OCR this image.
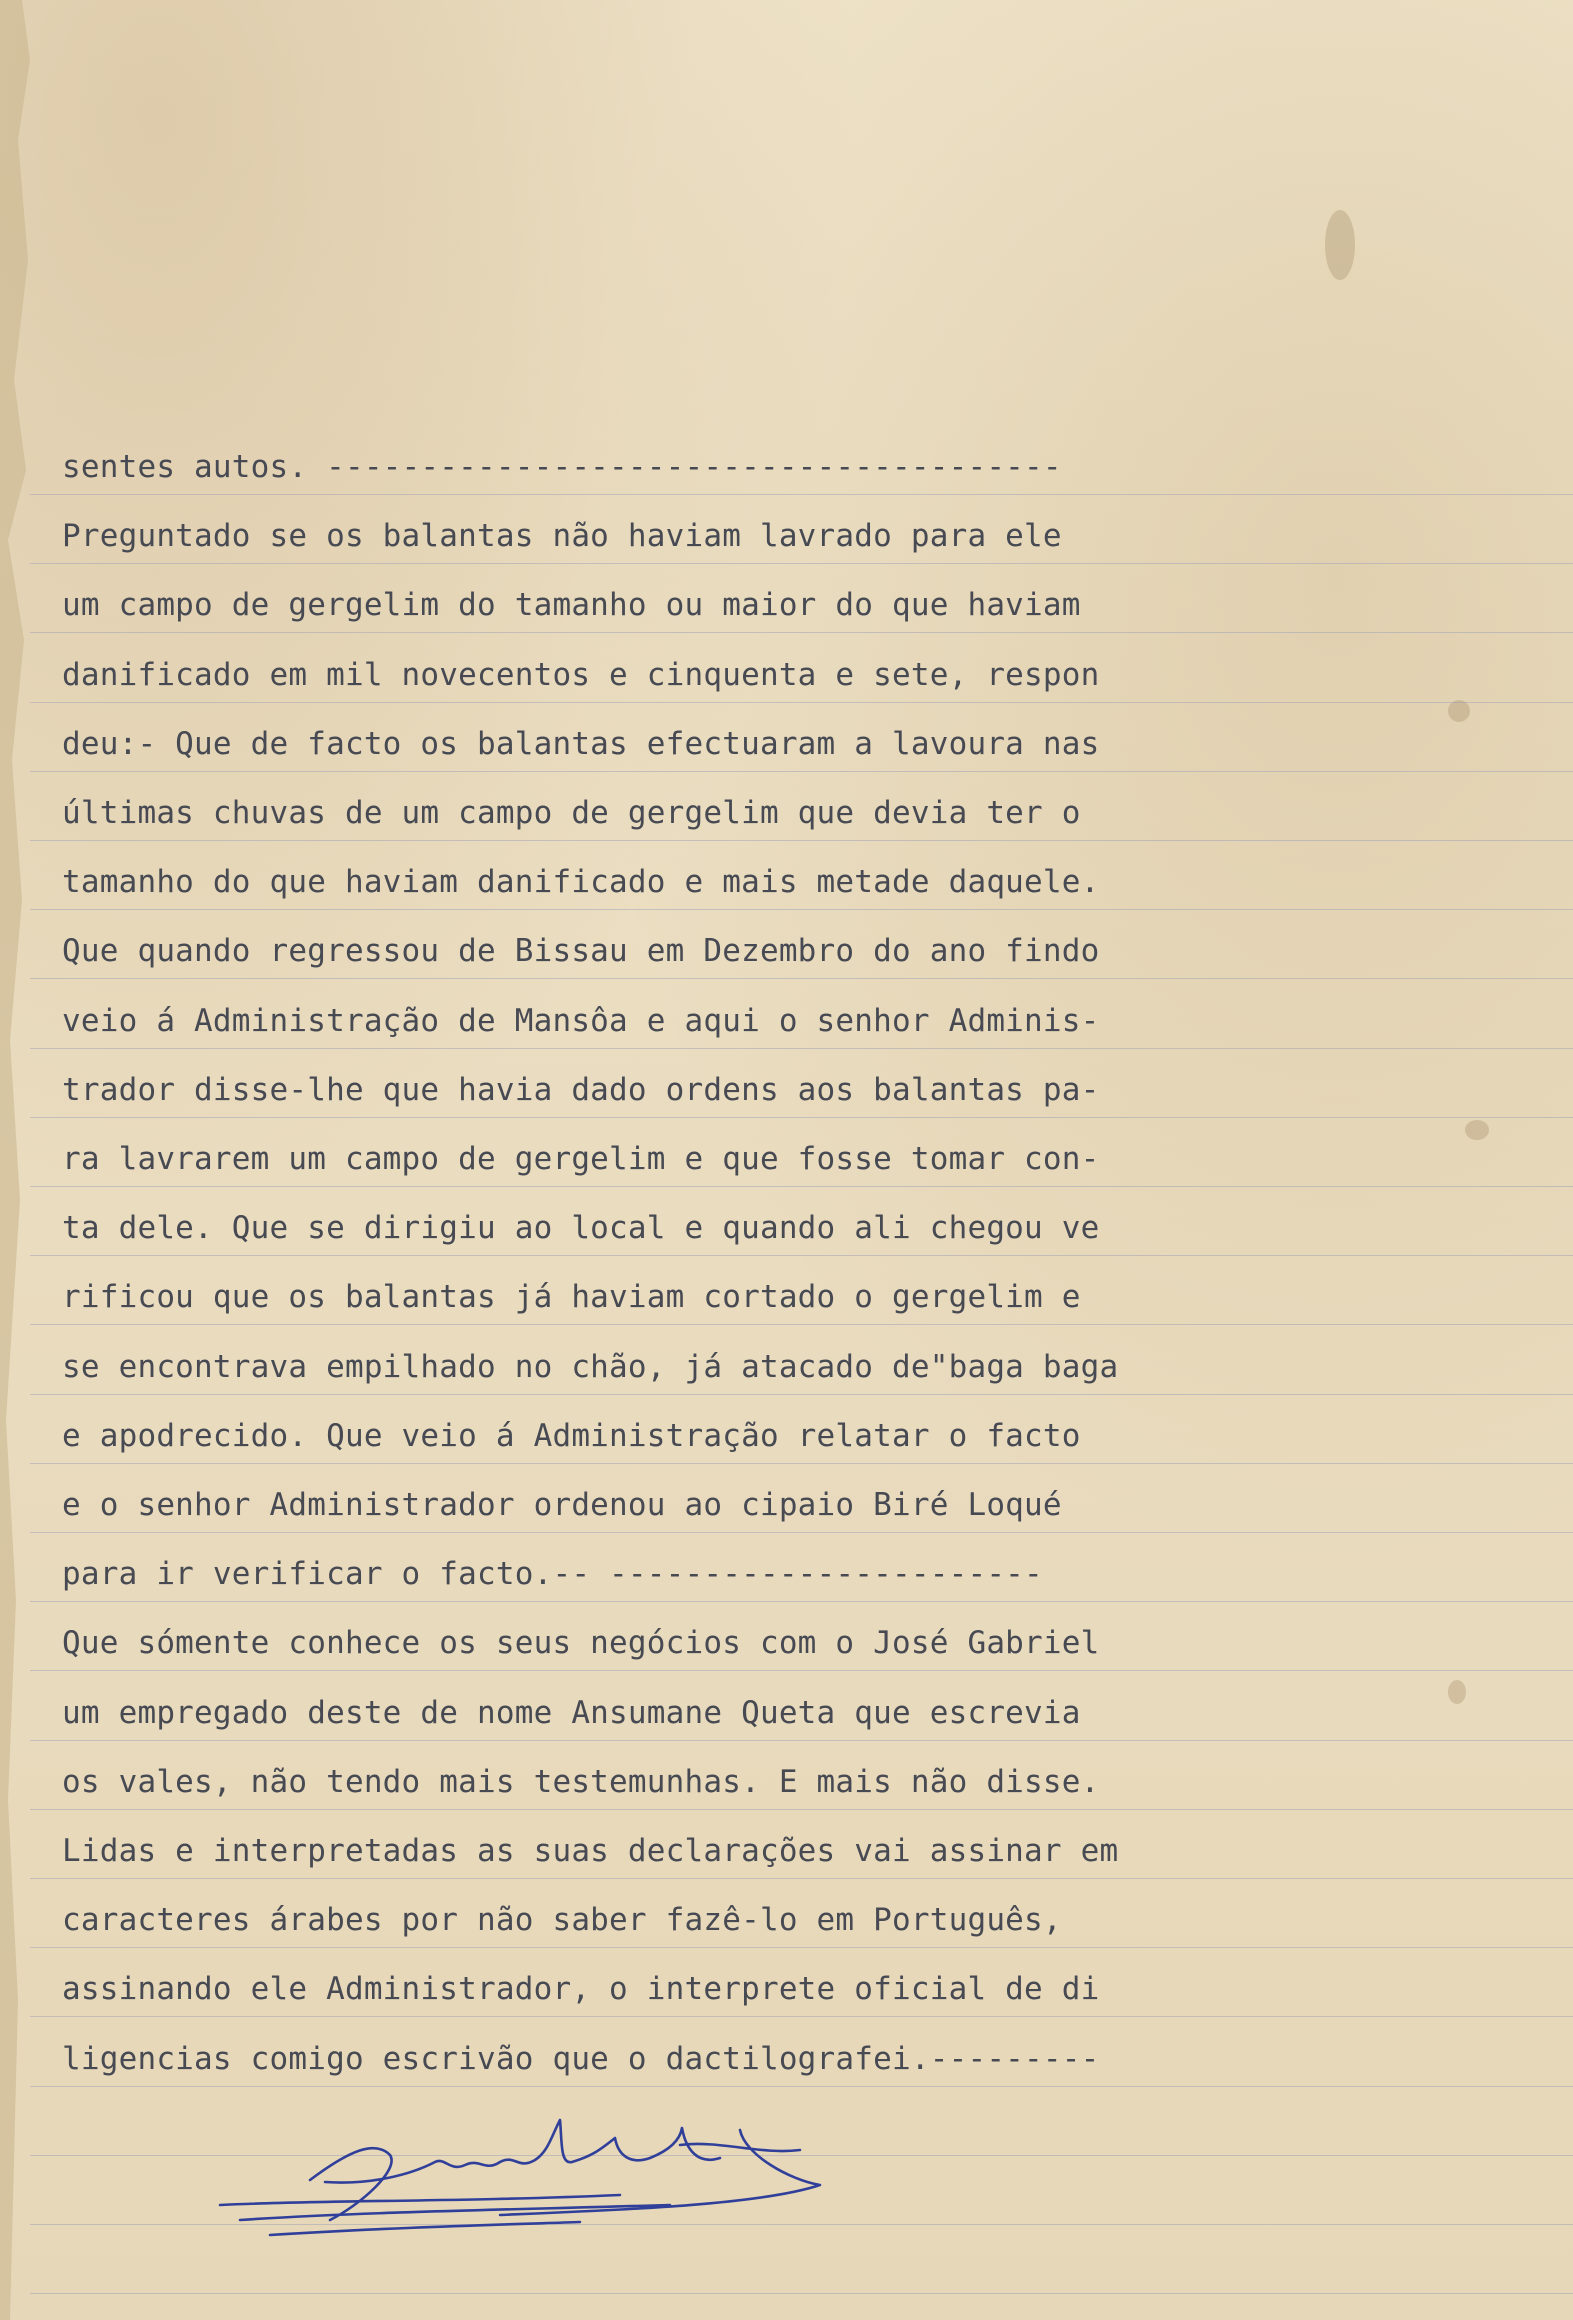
sentes autos. ---------------------------------------
Preguntado se os balantas não haviam lavrado para ele
um campo de gergelim do tamanho ou maior do que haviam
danificado em mil novecentos e cinquenta e sete, respon
deu:- Que de facto os balantas efectuaram a lavoura nas
últimas chuvas de um campo de gergelim que devia ter o
tamanho do que haviam danificado e mais metade daquele.
Que quando regressou de Bissau em Dezembro do ano findo
veio á Administração de Mansôa e aqui o senhor Adminis-
trador disse-lhe que havia dado ordens aos balantas pa-
ra lavrarem um campo de gergelim e que fosse tomar con-
ta dele. Que se dirigiu ao local e quando ali chegou ve
rificou que os balantas já haviam cortado o gergelim e
se encontrava empilhado no chão, já atacado de"baga baga
e apodrecido. Que veio á Administração relatar o facto
e o senhor Administrador ordenou ao cipaio Biré Loqué
para ir verificar o facto.-- -----------------------
Que sómente conhece os seus negócios com o José Gabriel
um empregado deste de nome Ansumane Queta que escrevia
os vales, não tendo mais testemunhas. E mais não disse.
Lidas e interpretadas as suas declarações vai assinar em
caracteres árabes por não saber fazê-lo em Português,
assinando ele Administrador, o interprete oficial de di
ligencias comigo escrivão que o dactilografei.---------
